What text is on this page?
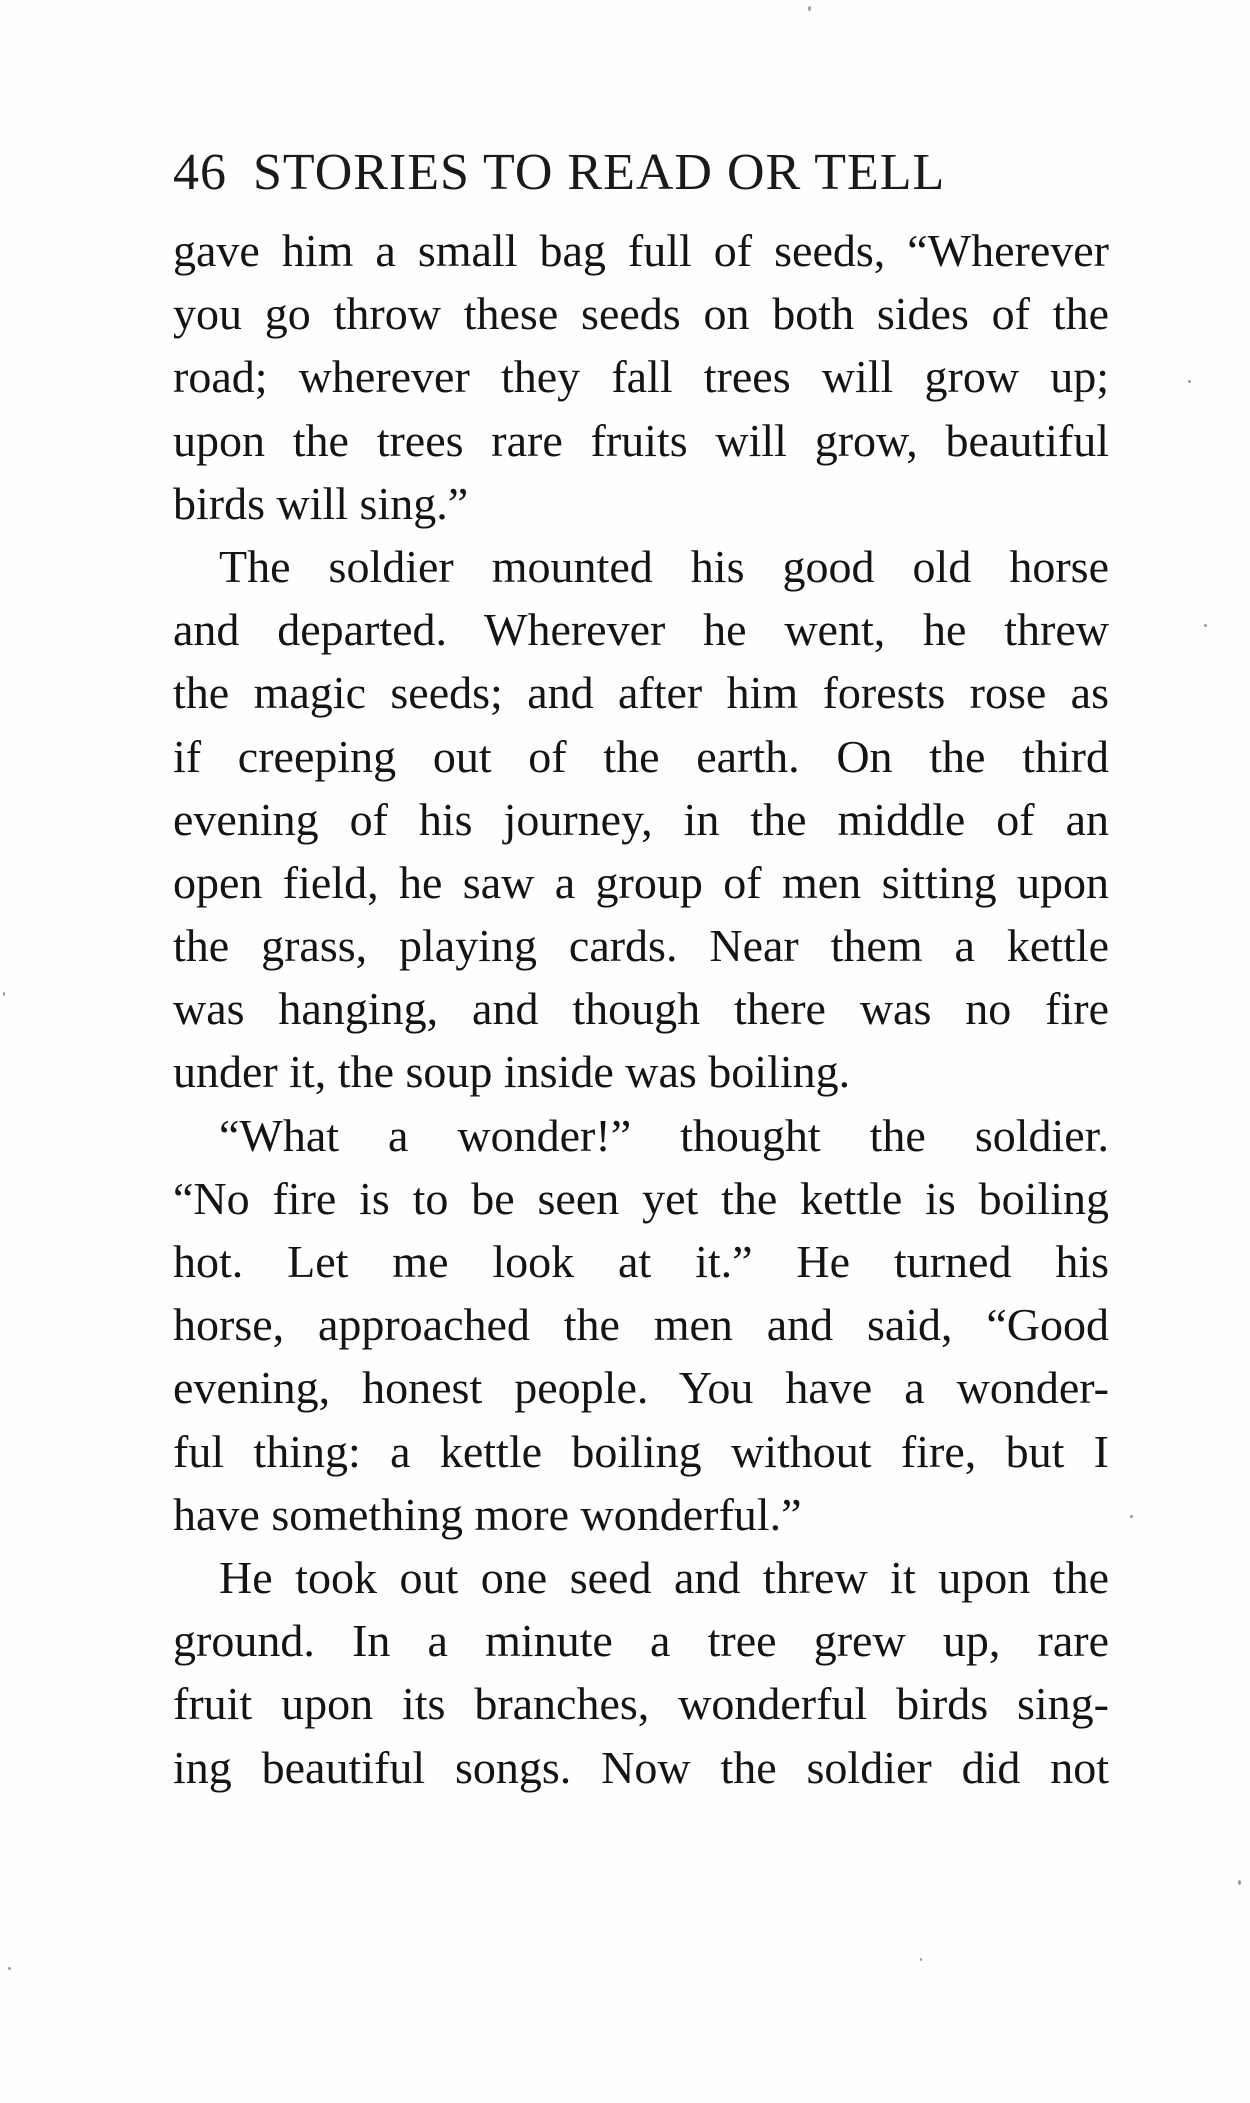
46 STORIES TO READ OR TELL
gave him a small bag full of seeds, “Wherever
you go throw these seeds on both sides of the
road; wherever they fall trees will grow up;
upon the trees rare fruits will grow, beautiful
birds will sing.”
The soldier mounted his good old horse
and departed. Wherever he went, he threw
the magic seeds; and after him forests rose as
if creeping out of the earth. On the third
evening of his journey, in the middle of an
open field, he saw a group of men sitting upon
the grass, playing cards. Near them a kettle
was hanging, and though there was no fire
under it, the soup inside was boiling.
“What a wonder!” thought the soldier.
“No fire is to be seen yet the kettle is boiling
hot. Let me look at it.” He turned his
horse, approached the men and said, “Good
evening, honest people. You have a wonder-
ful thing: a kettle boiling without fire, but I
have something more wonderful.”
He took out one seed and threw it upon the
ground. In a minute a tree grew up, rare
fruit upon its branches, wonderful birds sing-
ing beautiful songs. Now the soldier did not
